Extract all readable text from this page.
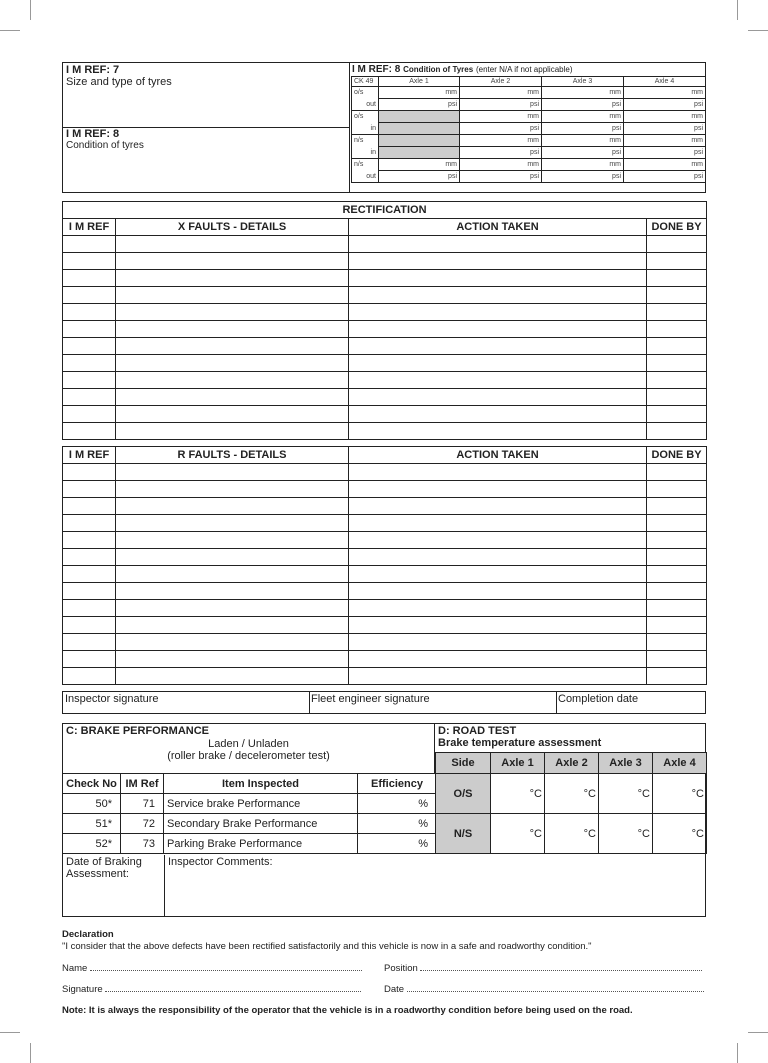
I M REF: 7
Size and type of tyres
I M REF: 8
Condition of tyres
I M REF: 8 Condition of Tyres (enter N/A if not applicable)
CK 49	Axle 1	Axle 2	Axle 3	Axle 4
o/s	mm	mm	mm	mm
out	psi	psi	psi	psi
o/s		mm	mm	mm
in		psi	psi	psi
n/s		mm	mm	mm
in		psi	psi	psi
n/s	mm	mm	mm	mm
out	psi	psi	psi	psi
RECTIFICATION			
I M REF	X FAULTS - DETAILS	ACTION TAKEN	DONE BY

I M REF	R FAULTS - DETAILS	ACTION TAKEN	DONE BY

Inspector signature	Fleet engineer signature	Completion date
C: BRAKE PERFORMANCE
Laden / Unladen
(roller brake / decelerometer test)
Check No	IM Ref	Item Inspected	Efficiency
50*	71	Service brake Performance	%
51*	72	Secondary Brake Performance	%
52*	73	Parking Brake Performance	%
Date of Braking Assessment:
Inspector Comments:
D: ROAD TEST
Brake temperature assessment
Side	Axle 1	Axle 2	Axle 3	Axle 4
O/S	°C	°C	°C	°C
N/S	°C	°C	°C	°C
Declaration
"I consider that the above defects have been rectified satisfactorily and this vehicle is now in a safe and roadworthy condition."
Name	Position
Signature	Date
Note: It is always the responsibility of the operator that the vehicle is in a roadworthy condition before being used on the road.
